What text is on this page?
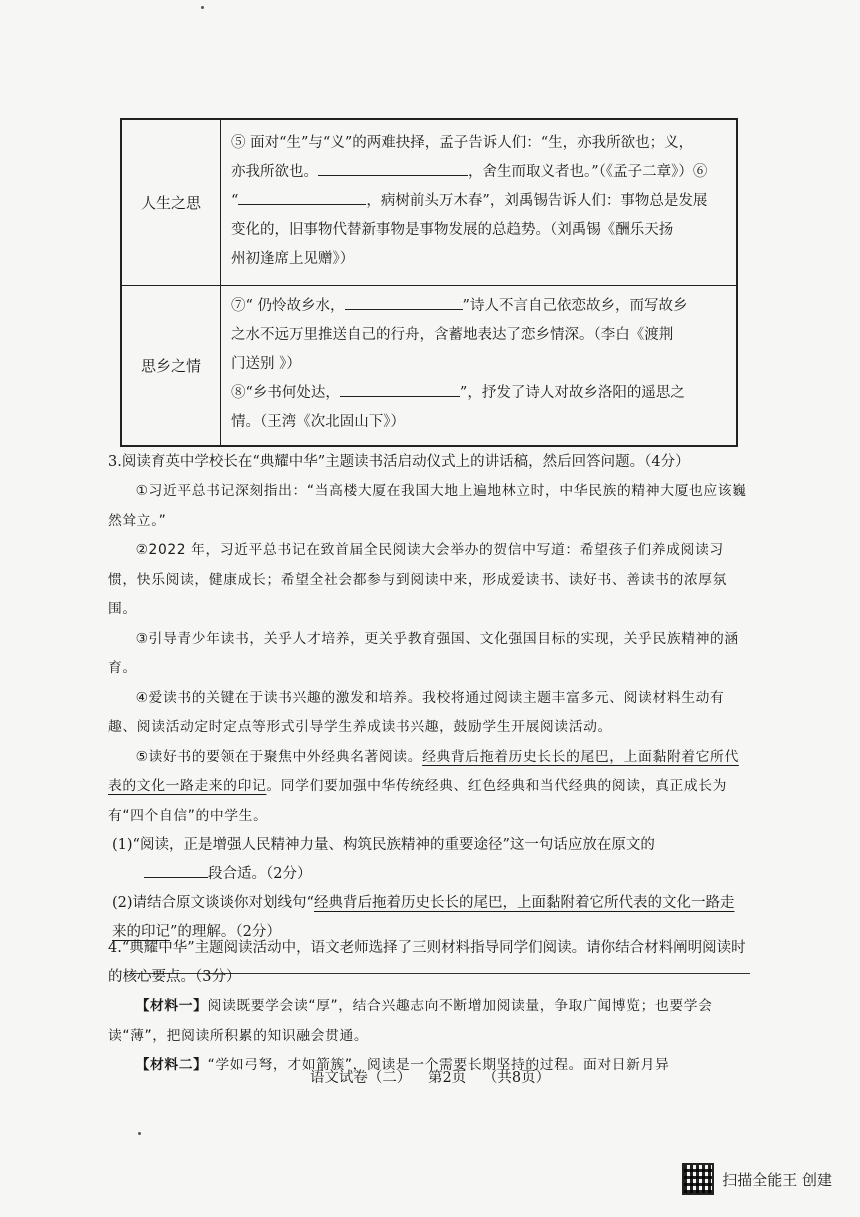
人生之思	⑤ 面对“生”与“义”的两难抉择，孟子告诉人们：“生，亦我所欲也；义，
亦我所欲也。 ，舍生而取义者也。”（《孟子二章》）⑥
“ ，病树前头万木春”，刘禹锡告诉人们：事物总是发展
变化的，旧事物代替新事物是事物发展的总趋势。（刘禹锡《酬乐天扬
州初逢席上见赠》）

思乡之情	⑦“ 仍怜故乡水， ”诗人不言自己依恋故乡，而写故乡
之水不远万里推送自己的行舟，含蓄地表达了恋乡情深。（李白《渡荆
门送别 》）
⑧“乡书何处达， ”，抒发了诗人对故乡洛阳的遥思之
情。（王湾《次北固山下》）
3.阅读育英中学校长在“典耀中华”主题读书活启动仪式上的讲话稿，然后回答问题。（4分）
①习近平总书记深刻指出：“当高楼大厦在我国大地上遍地林立时，中华民族的精神大厦也应该巍然耸立。”
②2022 年，习近平总书记在致首届全民阅读大会举办的贺信中写道：希望孩子们养成阅读习惯，快乐阅读，健康成长；希望全社会都参与到阅读中来，形成爱读书、读好书、善读书的浓厚氛围。
③引导青少年读书，关乎人才培养，更关乎教育强国、文化强国目标的实现，关乎民族精神的涵育。
④爱读书的关键在于读书兴趣的激发和培养。我校将通过阅读主题丰富多元、阅读材料生动有趣、阅读活动定时定点等形式引导学生养成读书兴趣，鼓励学生开展阅读活动。
⑤读好书的要领在于聚焦中外经典名著阅读。经典背后拖着历史长长的尾巴，上面黏附着它所代表的文化一路走来的印记。同学们要加强中华传统经典、红色经典和当代经典的阅读，真正成长为有“四个自信”的中学生。
(1)“阅读，正是增强人民精神力量、构筑民族精神的重要途径”这一句话应放在原文的
段合适。（2分）
(2)请结合原文谈谈你对划线句“经典背后拖着历史长长的尾巴，上面黏附着它所代表的文化一路走来的印记”的理解。（2分）
4.“典耀中华”主题阅读活动中，语文老师选择了三则材料指导同学们阅读。请你结合材料阐明阅读时的核心要点。（3分）
【材料一】阅读既要学会读“厚”，结合兴趣志向不断增加阅读量，争取广闻博览；也要学会读“薄”，把阅读所积累的知识融会贯通。
【材料二】“学如弓弩，才如箭簇”，阅读是一个需要长期坚持的过程。面对日新月异
语文试卷（二） 第2页 （共8页）
扫描全能王 创建
